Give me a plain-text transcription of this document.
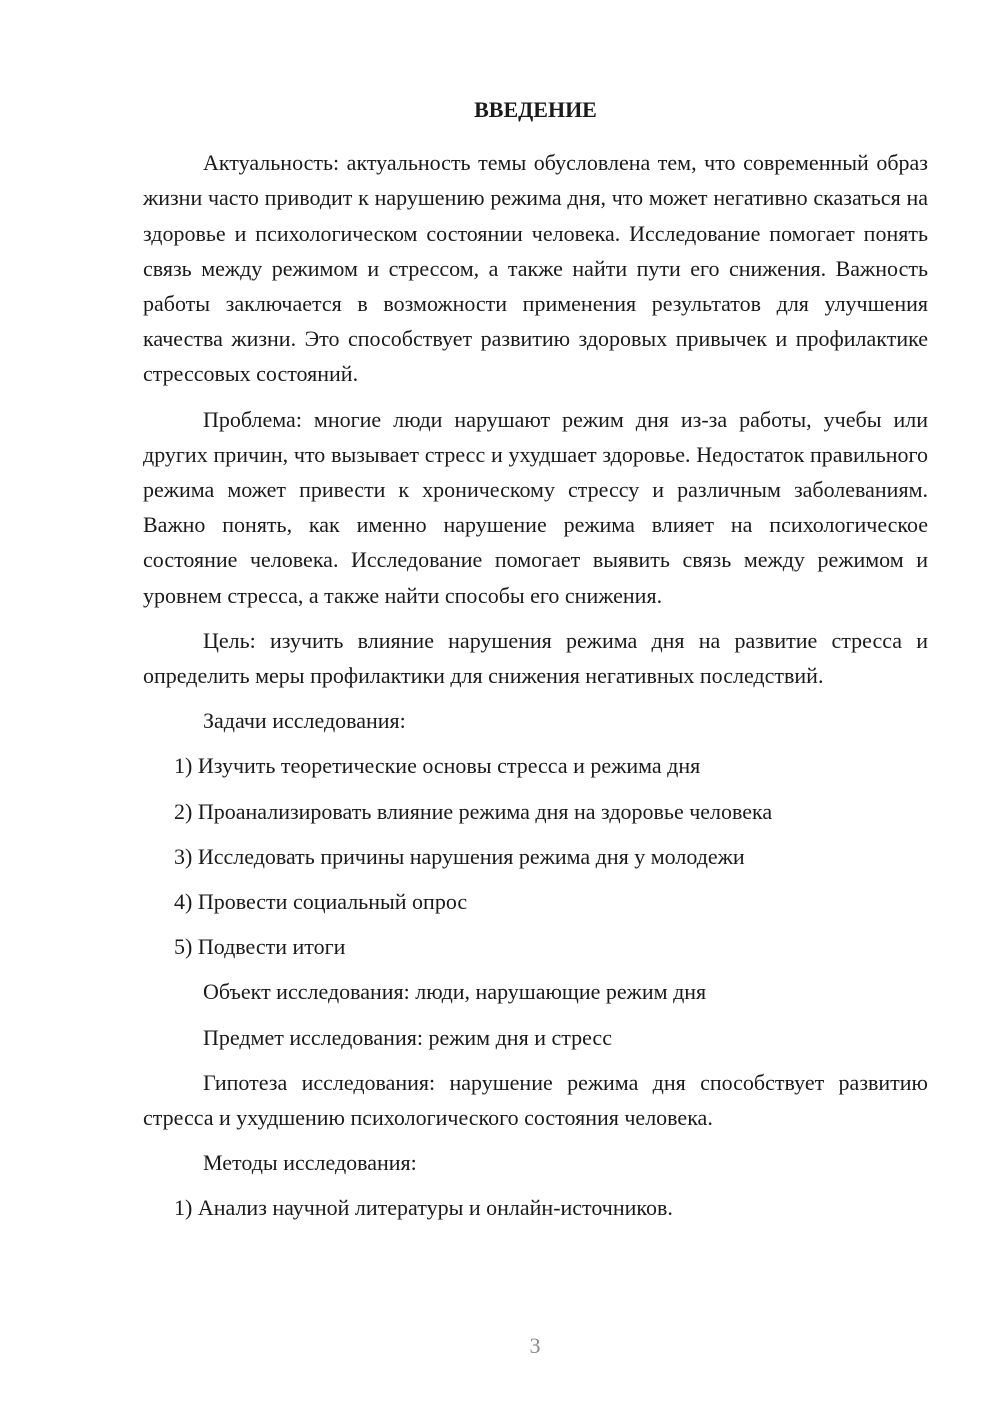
ВВЕДЕНИЕ

Актуальность: актуальность темы обусловлена тем, что современный образ жизни часто приводит к нарушению режима дня, что может негативно сказаться на здоровье и психологическом состоянии человека. Исследование помогает понять связь между режимом и стрессом, а также найти пути его снижения. Важность работы заключается в возможности применения результатов для улучшения качества жизни. Это способствует развитию здоровых привычек и профилактике стрессовых состояний.

Проблема: многие люди нарушают режим дня из-за работы, учебы или других причин, что вызывает стресс и ухудшает здоровье. Недостаток правильного режима может привести к хроническому стрессу и различным заболеваниям. Важно понять, как именно нарушение режима влияет на психологическое состояние человека. Исследование помогает выявить связь между режимом и уровнем стресса, а также найти способы его снижения.

Цель: изучить влияние нарушения режима дня на развитие стресса и определить меры профилактики для снижения негативных последствий.

Задачи исследования:

1) Изучить теоретические основы стресса и режима дня

2) Проанализировать влияние режима дня на здоровье человека

3) Исследовать причины нарушения режима дня у молодежи

4) Провести социальный опрос

5) Подвести итоги

Объект исследования: люди, нарушающие режим дня

Предмет исследования: режим дня и стресс

Гипотеза исследования: нарушение режима дня способствует развитию стресса и ухудшению психологического состояния человека.

Методы исследования:

1) Анализ научной литературы и онлайн-источников.

3
